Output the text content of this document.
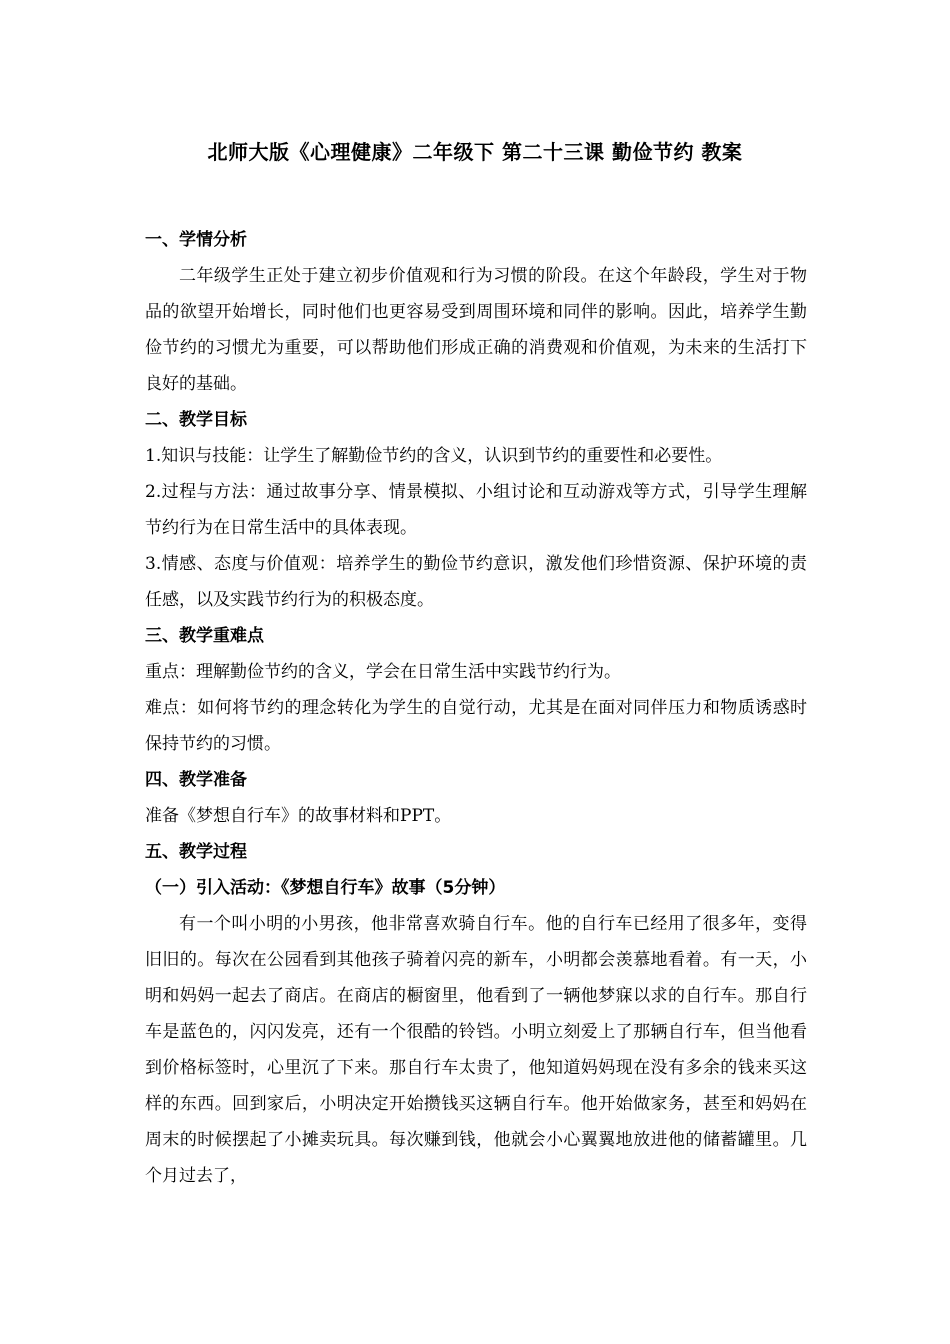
北师大版《心理健康》二年级下 第二十三课 勤俭节约 教案

一、学情分析

二年级学生正处于建立初步价值观和行为习惯的阶段。在这个年龄段，学生对于物品的欲望开始增长，同时他们也更容易受到周围环境和同伴的影响。因此，培养学生勤俭节约的习惯尤为重要，可以帮助他们形成正确的消费观和价值观，为未来的生活打下良好的基础。

二、教学目标

1.知识与技能：让学生了解勤俭节约的含义，认识到节约的重要性和必要性。

2.过程与方法：通过故事分享、情景模拟、小组讨论和互动游戏等方式，引导学生理解节约行为在日常生活中的具体表现。

3.情感、态度与价值观：培养学生的勤俭节约意识，激发他们珍惜资源、保护环境的责任感，以及实践节约行为的积极态度。

三、教学重难点

重点：理解勤俭节约的含义，学会在日常生活中实践节约行为。

难点：如何将节约的理念转化为学生的自觉行动，尤其是在面对同伴压力和物质诱惑时保持节约的习惯。

四、教学准备

准备《梦想自行车》的故事材料和PPT。

五、教学过程

（一）引入活动：《梦想自行车》故事（5分钟）

有一个叫小明的小男孩，他非常喜欢骑自行车。他的自行车已经用了很多年，变得旧旧的。每次在公园看到其他孩子骑着闪亮的新车，小明都会羡慕地看着。有一天，小明和妈妈一起去了商店。在商店的橱窗里，他看到了一辆他梦寐以求的自行车。那自行车是蓝色的，闪闪发亮，还有一个很酷的铃铛。小明立刻爱上了那辆自行车，但当他看到价格标签时，心里沉了下来。那自行车太贵了，他知道妈妈现在没有多余的钱来买这样的东西。回到家后，小明决定开始攒钱买这辆自行车。他开始做家务，甚至和妈妈在周末的时候摆起了小摊卖玩具。每次赚到钱，他就会小心翼翼地放进他的储蓄罐里。几个月过去了，
